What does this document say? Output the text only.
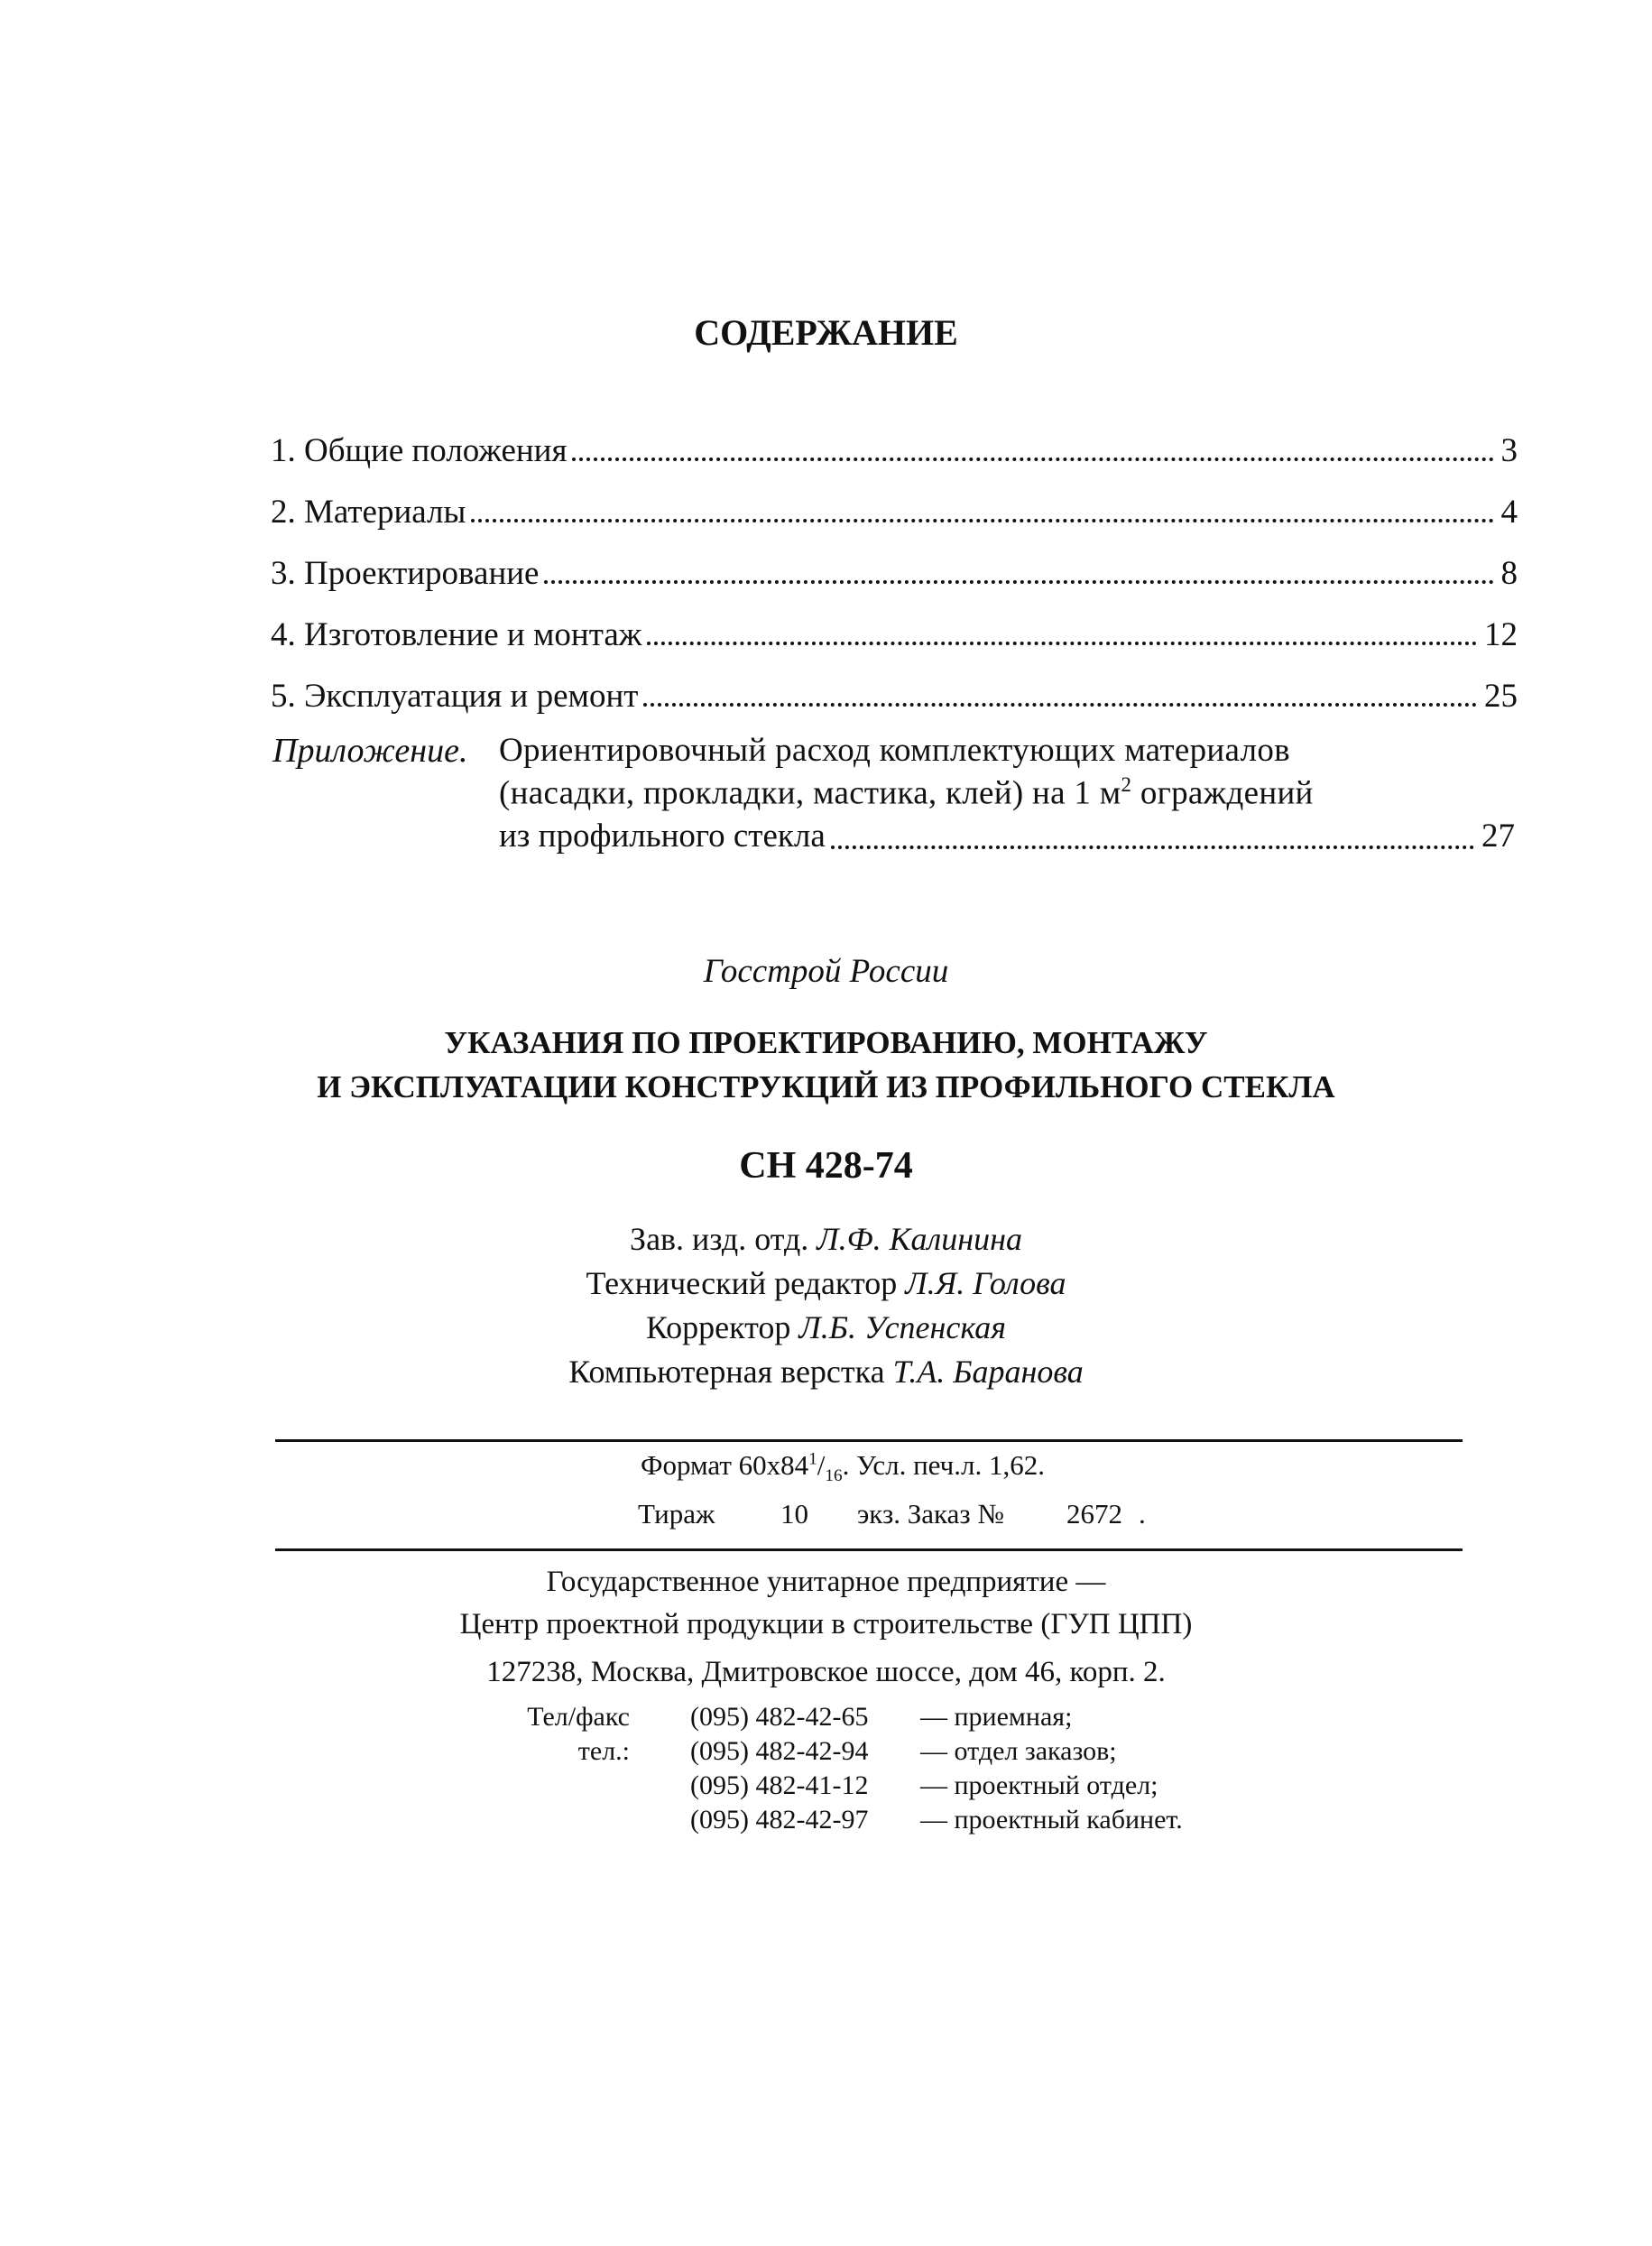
СОДЕРЖАНИЕ
1. Общие положения	3
2. Материалы	4
3. Проектирование	8
4. Изготовление и монтаж	12
5. Эксплуатация и ремонт	25
Приложение. Ориентировочный расход комплектующих материалов
(насадки, прокладки, мастика, клей) на 1 $м^2$ ограждений
из профильного стекла	27
Госстрой России
УКАЗАНИЯ ПО ПРОЕКТИРОВАНИЮ, МОНТАЖУ
И ЭКСПЛУАТАЦИИ КОНСТРУКЦИЙ ИЗ ПРОФИЛЬНОГО СТЕКЛА
СН 428-74
Зав. изд. отд. Л.Ф. Калинина
Технический редактор Л.Я. Голова
Корректор Л.Б. Успенская
Компьютерная верстка Т.А. Баранова
Формат $60x84^1/_{16}$. Усл. печ.л. 1,62.
Тираж 10 экз. Заказ № 2672 .
Государственное унитарное предприятие —
Центр проектной продукции в строительстве (ГУП ЦПП)
127238, Москва, Дмитровское шоссе, дом 46, корп. 2.
Тел/факс (095) 482-42-65 — приемная;
тел.: (095) 482-42-94 — отдел заказов;
(095) 482-41-12 — проектный отдел;
(095) 482-42-97 — проектный кабинет.
